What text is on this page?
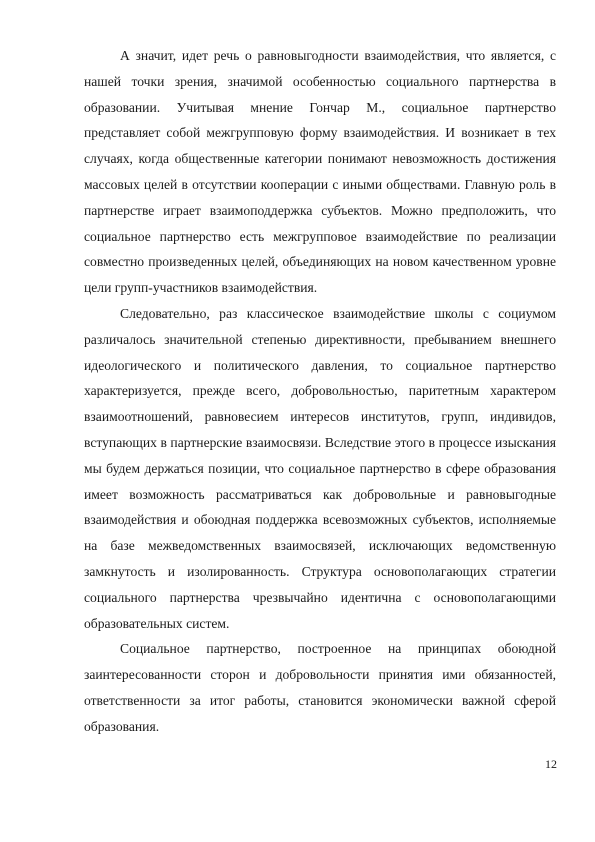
А значит, идет речь о равновыгодности взаимодействия, что является, с нашей точки зрения, значимой особенностью социального партнерства в образовании. Учитывая мнение Гончар М., социальное партнерство представляет собой межгрупповую форму взаимодействия. И возникает в тех случаях, когда общественные категории понимают невозможность достижения массовых целей в отсутствии кооперации с иными обществами. Главную роль в партнерстве играет взаимоподдержка субъектов. Можно предположить, что социальное партнерство есть межгрупповое взаимодействие по реализации совместно произведенных целей, объединяющих на новом качественном уровне цели групп-участников взаимодействия.

Следовательно, раз классическое взаимодействие школы с социумом различалось значительной степенью директивности, пребыванием внешнего идеологического и политического давления, то социальное партнерство характеризуется, прежде всего, добровольностью, паритетным характером взаимоотношений, равновесием интересов институтов, групп, индивидов, вступающих в партнерские взаимосвязи. Вследствие этого в процессе изыскания мы будем держаться позиции, что социальное партнерство в сфере образования имеет возможность рассматриваться как добровольные и равновыгодные взаимодействия и обоюдная поддержка всевозможных субъектов, исполняемые на базе межведомственных взаимосвязей, исключающих ведомственную замкнутость и изолированность. Структура основополагающих стратегии социального партнерства чрезвычайно идентична с основополагающими образовательных систем.

Социальное партнерство, построенное на принципах обоюдной заинтересованности сторон и добровольности принятия ими обязанностей, ответственности за итог работы, становится экономически важной сферой образования.

12
